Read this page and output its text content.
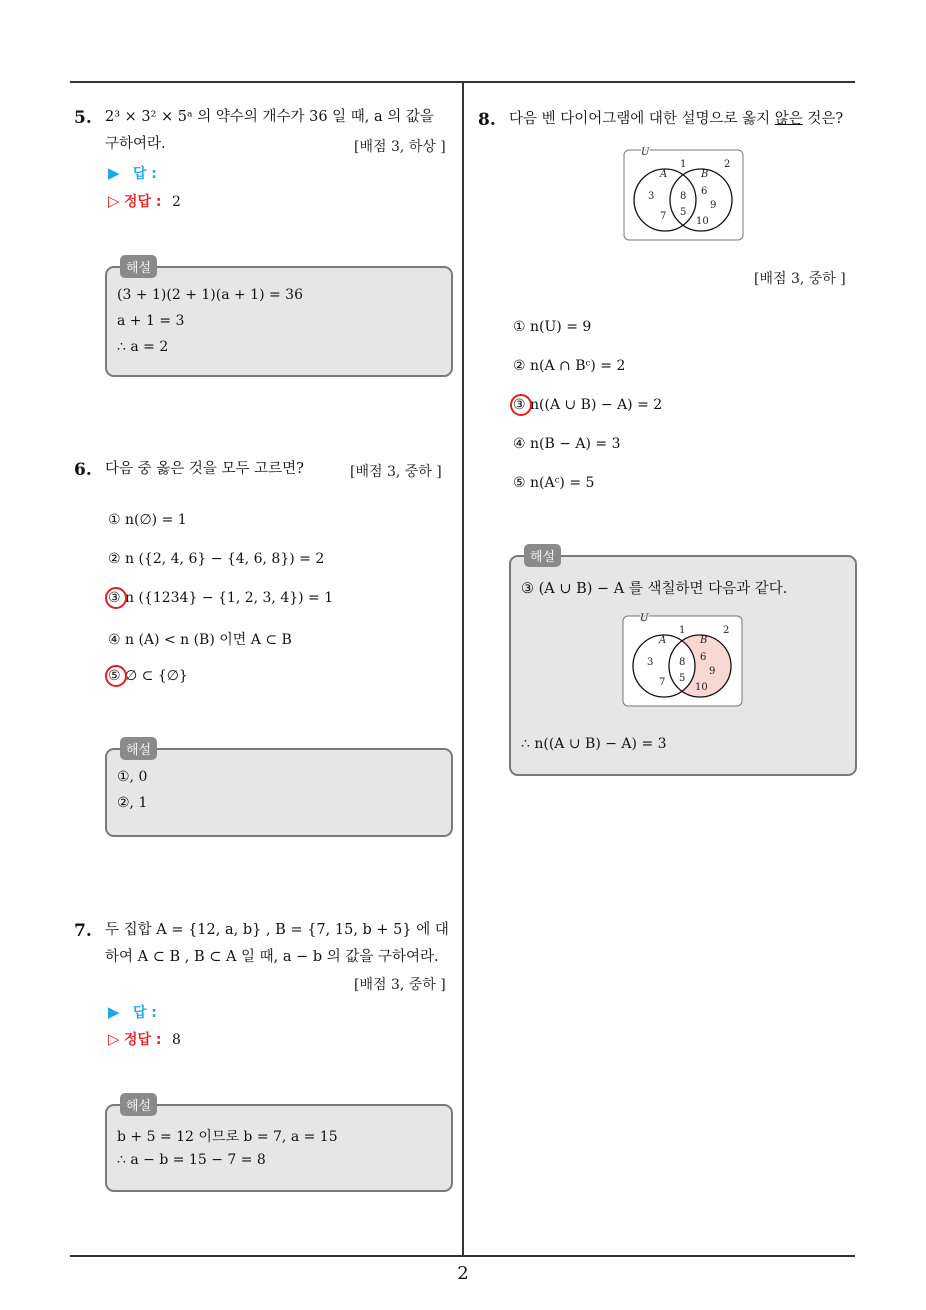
5. 2³ × 3² × 5ᵃ 의 약수의 개수가 36 일 때, a 의 값을
구하여라.	[배점 3, 하상 ]
▶ 답 :
▷ 정답 : 2
해설
(3 + 1)(2 + 1)(a + 1) = 36
a + 1 = 3
∴ a = 2
6. 다음 중 옳은 것을 모두 고르면?	[배점 3, 중하 ]
① n(∅) = 1
② n ({2, 4, 6} − {4, 6, 8}) = 2
③ n ({1234} − {1, 2, 3, 4}) = 1
④ n (A) < n (B) 이면 A ⊂ B
⑤ ∅ ⊂ {∅}
해설
①, 0
②, 1
7. 두 집합 A = {12, a, b} , B = {7, 15, b + 5} 에 대
하여 A ⊂ B , B ⊂ A 일 때, a − b 의 값을 구하여라.
[배점 3, 중하 ]
▶ 답 :
▷ 정답 : 8
해설
b + 5 = 12 이므로 b = 7, a = 15
∴ a − b = 15 − 7 = 8
8. 다음 벤 다이어그램에 대한 설명으로 옳지 않은 것은?
U
A	B
1	2
3
7
8
5
6
9
10
[배점 3, 중하 ]
① n(U) = 9
② n(A ∩ Bᶜ) = 2
③ n((A ∪ B) − A) = 2
④ n(B − A) = 3
⑤ n(Aᶜ) = 5
해설
③ (A ∪ B) − A 를 색칠하면 다음과 같다.
U
A	B
1	2
3
7
8
5
6
9
10
∴ n((A ∪ B) − A) = 3
2
